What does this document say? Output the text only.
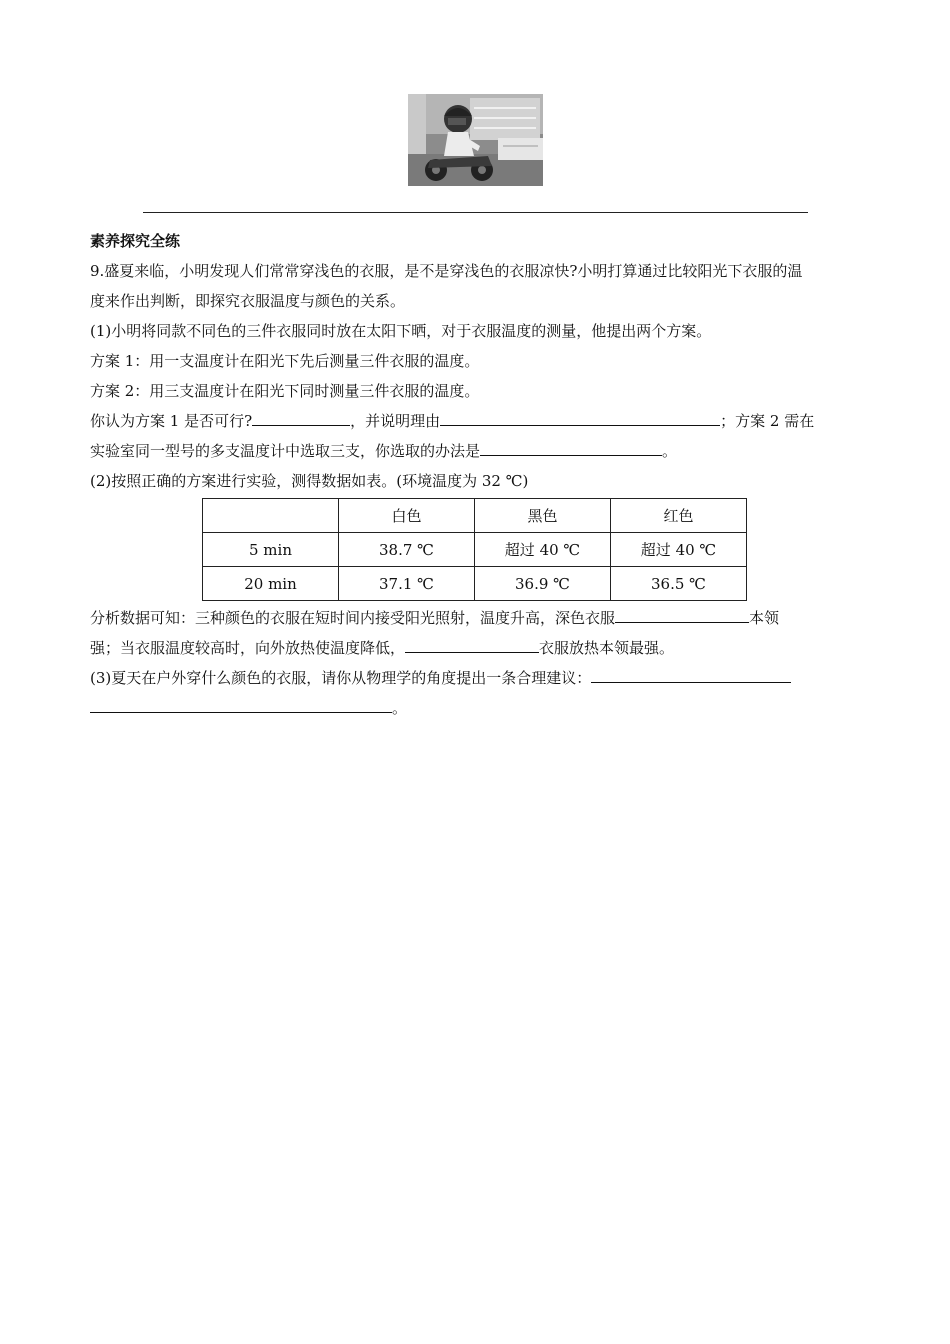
素养探究全练

9.盛夏来临，小明发现人们常常穿浅色的衣服，是不是穿浅色的衣服凉快?小明打算通过比较阳光下衣服的温

度来作出判断，即探究衣服温度与颜色的关系。

(1)小明将同款不同色的三件衣服同时放在太阳下晒，对于衣服温度的测量，他提出两个方案。

方案 1：用一支温度计在阳光下先后测量三件衣服的温度。

方案 2：用三支温度计在阳光下同时测量三件衣服的温度。

你认为方案 1 是否可行?	，并说明理由	；方案 2 需在

实验室同一型号的多支温度计中选取三支，你选取的办法是	。

(2)按照正确的方案进行实验，测得数据如表。(环境温度为 32 ℃)

	白色	黑色	红色
5 min	38.7 ℃	超过 40 ℃	超过 40 ℃
20 min	37.1 ℃	36.9 ℃	36.5 ℃

分析数据可知：三种颜色的衣服在短时间内接受阳光照射，温度升高，深色衣服	本领

强；当衣服温度较高时，向外放热使温度降低，	衣服放热本领最强。

(3)夏天在户外穿什么颜色的衣服，请你从物理学的角度提出一条合理建议：

。
